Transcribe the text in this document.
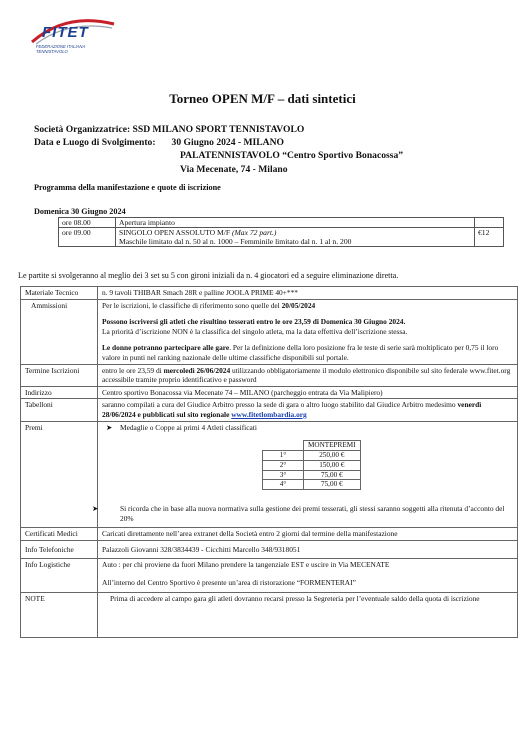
FITET
FEDERAZIONE ITALIANA
TENNISTAVOLO
Torneo OPEN M/F – dati sintetici
Società Organizzatrice: SSD MILANO SPORT TENNISTAVOLO
Data e Luogo di Svolgimento: 30 Giugno 2024 - MILANO
PALATENNISTAVOLO “Centro Sportivo Bonacossa”
Via Mecenate, 74 - Milano
Programma della manifestazione e quote di iscrizione
Domenica 30 Giugno 2024
ore 08.00	Apertura impianto	
ore 09.00	SINGOLO OPEN ASSOLUTO M/F (Max 72 part.)
Maschile limitato dal n. 50 al n. 1000 – Femminile limitato dal n. 1 al n. 200	€12
Le partite si svolgeranno al meglio dei 3 set su 5 con gironi iniziali da n. 4 giocatori ed a seguire eliminazione diretta.
Materiale Tecnico	n. 9 tavoli THIBAR Smach 28R e palline JOOLA PRIME 40+***
Ammissioni	Per le iscrizioni, le classifiche di riferimento sono quelle del 20/05/2024

Possono iscriversi gli atleti che risultino tesserati entro le ore 23,59 di Domenica 30 Giugno 2024.

La priorità d’iscrizione NON è la classifica del singolo atleta, ma la data effettiva dell’iscrizione stessa.

Le donne potranno partecipare alle gare. Per la definizione della loro posizione fra le teste di serie sarà moltiplicato per 0,75 il loro valore in punti nel ranking nazionale delle ultime classifiche disponibili sul portale.

Termine Iscrizioni	entro le ore 23,59 di mercoledì 26/06/2024 utilizzando obbligatoriamente il modulo elettronico disponibile sul sito federale www.fitet.org accessibile tramite proprio identificativo e password
Indirizzo	Centro sportivo Bonacossa via Mecenate 74 – MILANO (parcheggio entrata da Via Malipiero)
Tabelloni	saranno compilati a cura del Giudice Arbitro presso la sede di gara o altro luogo stabilito dal Giudice Arbitro medesimo venerdì 28/06/2024 e pubblicati sul sito regionale www.fitetlombardia.org
Premi	➤ Medaglie o Coppe ai primi 4 Atleti classificati

	MONTEPREMI
1°	250,00 €
2°	150,00 €
3°	75,00 €
4°	75,00 €

➤	Si ricorda che in base alla nuova normativa sulla gestione dei premi tesserati, gli stessi saranno soggetti alla ritenuta d’acconto del 20%

Certificati Medici	Caricati direttamente nell’area extranet della Società entro 2 giorni dal termine della manifestazione
Info Telefoniche	Palazzoli Giovanni 328/3834439 - Cicchitti Marcello 348/9318051
Info Logistiche	Auto : per chi proviene da fuori Milano prendere la tangenziale EST e uscire in Via MECENATE

All’interno del Centro Sportivo è presente un’area di ristorazione “FORMENTERAI”

NOTE	Prima di accedere al campo gara gli atleti dovranno recarsi presso la Segreteria per l’eventuale saldo della quota di iscrizione
